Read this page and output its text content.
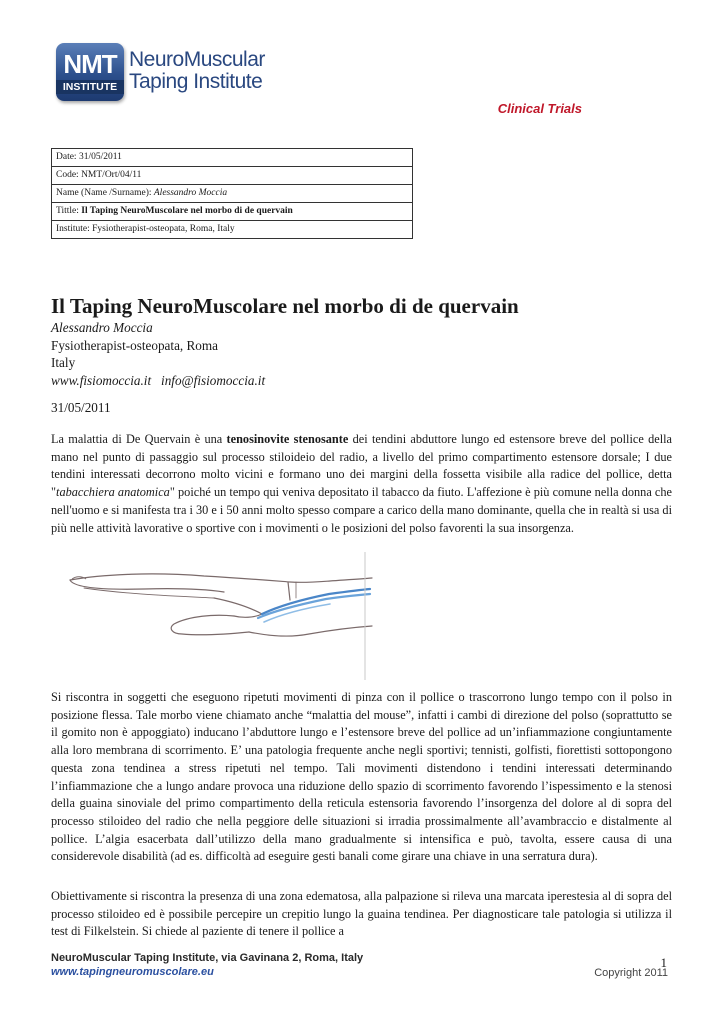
NMT
INSTITUTE
NeuroMuscular
Taping Institute
Clinical Trials
Date: 31/05/2011
Code: NMT/Ort/04/11
Name (Name /Surname): Alessandro Moccia
Tittle: Il Taping NeuroMuscolare nel morbo di de quervain
Institute: Fysiotherapist-osteopata, Roma, Italy
Il Taping NeuroMuscolare nel morbo di de quervain
Alessandro Moccia
Fysiotherapist-osteopata, Roma
Italy
www.fisiomoccia.it info@fisiomoccia.it
31/05/2011

La malattia di De Quervain è una tenosinovite stenosante dei tendini abduttore lungo ed estensore breve del pollice della mano nel punto di passaggio sul processo stiloideio del radio, a livello del primo compartimento estensore dorsale; I due tendini interessati decorrono molto vicini e formano uno dei margini della fossetta visibile alla radice del pollice, detta "tabacchiera anatomica" poiché un tempo qui veniva depositato il tabacco da fiuto. L'affezione è più comune nella donna che nell'uomo e si manifesta tra i 30 e i 50 anni molto spesso compare a carico della mano dominante, quella che in realtà si usa di più nelle attività lavorative o sportive con i movimenti o le posizioni del polso favorenti la sua insorgenza.

Si riscontra in soggetti che eseguono ripetuti movimenti di pinza con il pollice o trascorrono lungo tempo con il polso in posizione flessa. Tale morbo viene chiamato anche “malattia del mouse”, infatti i cambi di direzione del polso (soprattutto se il gomito non è appoggiato) inducano l’abduttore lungo e l’estensore breve del pollice ad un’infiammazione congiuntamente alla loro membrana di scorrimento. E’ una patologia frequente anche negli sportivi; tennisti, golfisti, fiorettisti sottopongono questa zona tendinea a stress ripetuti nel tempo. Tali movimenti distendono i tendini interessati determinando l’infiammazione che a lungo andare provoca una riduzione dello spazio di scorrimento favorendo l’ispessimento e la stenosi della guaina sinoviale del primo compartimento della reticula estensoria favorendo l’insorgenza del dolore al di sopra del processo stiloideo del radio che nella peggiore delle situazioni si irradia prossimalmente all’avambraccio e distalmente al pollice. L’algia esacerbata dall’utilizzo della mano gradualmente si intensifica e può, tavolta, essere causa di una considerevole disabilità (ad es. difficoltà ad eseguire gesti banali come girare una chiave in una serratura dura).

Obiettivamente si riscontra la presenza di una zona edematosa, alla palpazione si rileva una marcata iperestesia al di sopra del processo stiloideo ed è possibile percepire un crepitio lungo la guaina tendinea. Per diagnosticare tale patologia si utilizza il test di Filkelstein. Si chiede al paziente di tenere il pollice a

NeuroMuscular Taping Institute, via Gavinana 2, Roma, Italy
www.tapingneuromuscolare.eu
1
Copyright 2011
